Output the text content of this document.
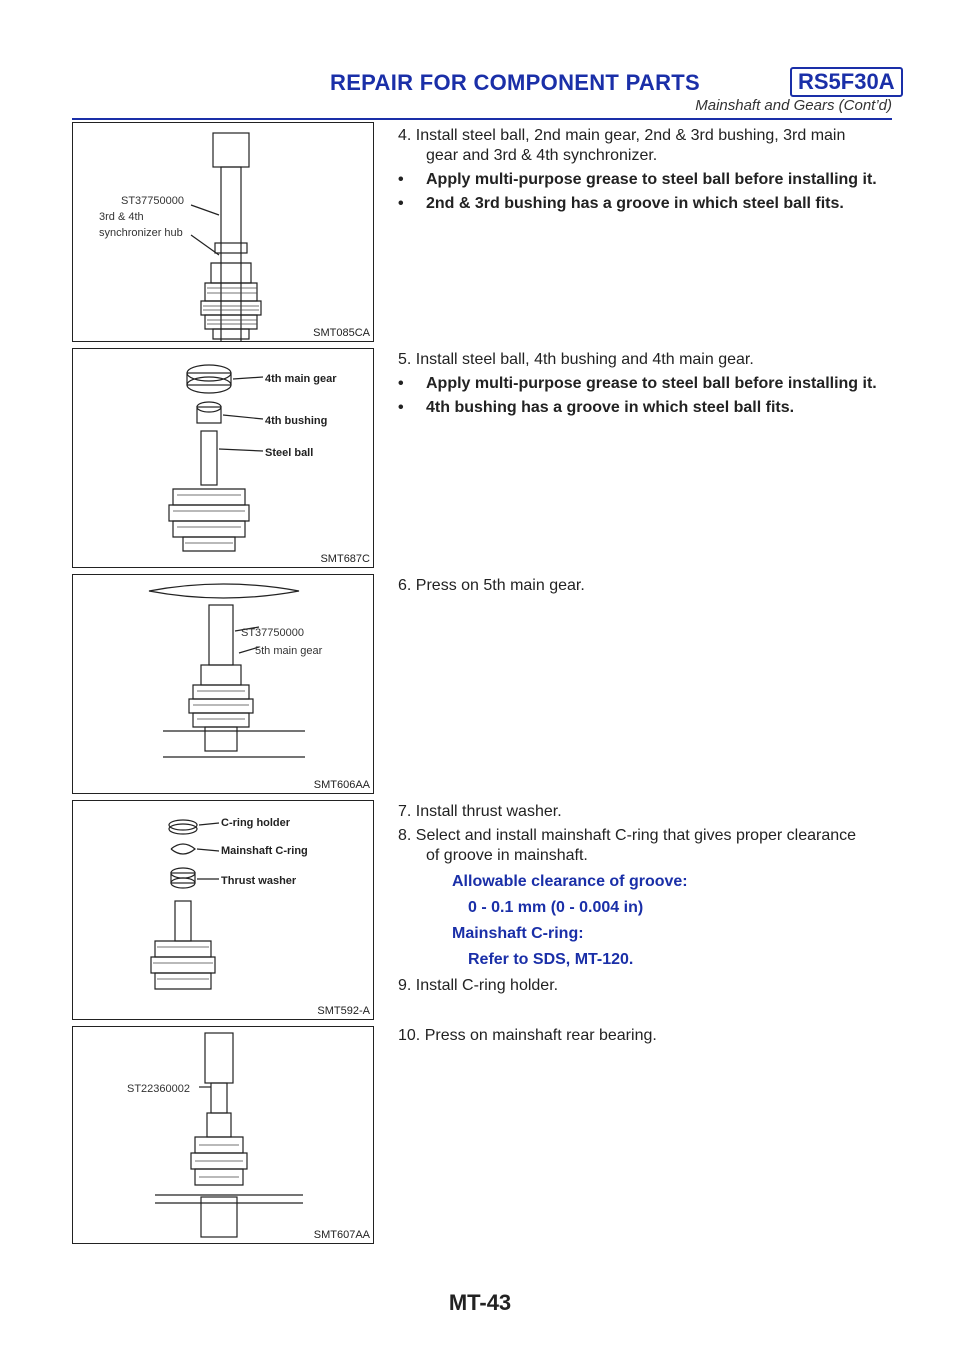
REPAIR FOR COMPONENT PARTS	RS5F30A
Mainshaft and Gears (Cont’d)
ST37750000
3rd & 4th
synchronizer hub
SMT085CA
4th main gear
4th bushing
Steel ball
SMT687C
ST37750000
5th main gear
SMT606AA
C-ring holder
Mainshaft C-ring
Thrust washer
SMT592-A
ST22360002
SMT607AA
4. Install steel ball, 2nd main gear, 2nd & 3rd bushing, 3rd main
gear and 3rd & 4th synchronizer.
•	Apply multi-purpose grease to steel ball before installing it.
•	2nd & 3rd bushing has a groove in which steel ball fits.
5. Install steel ball, 4th bushing and 4th main gear.
•	Apply multi-purpose grease to steel ball before installing it.
•	4th bushing has a groove in which steel ball fits.
6. Press on 5th main gear.
7. Install thrust washer.
8. Select and install mainshaft C-ring that gives proper clearance
of groove in mainshaft.
Allowable clearance of groove:
0 - 0.1 mm (0 - 0.004 in)
Mainshaft C-ring:
Refer to SDS, MT-120.
9. Install C-ring holder.
10. Press on mainshaft rear bearing.
MT-43
